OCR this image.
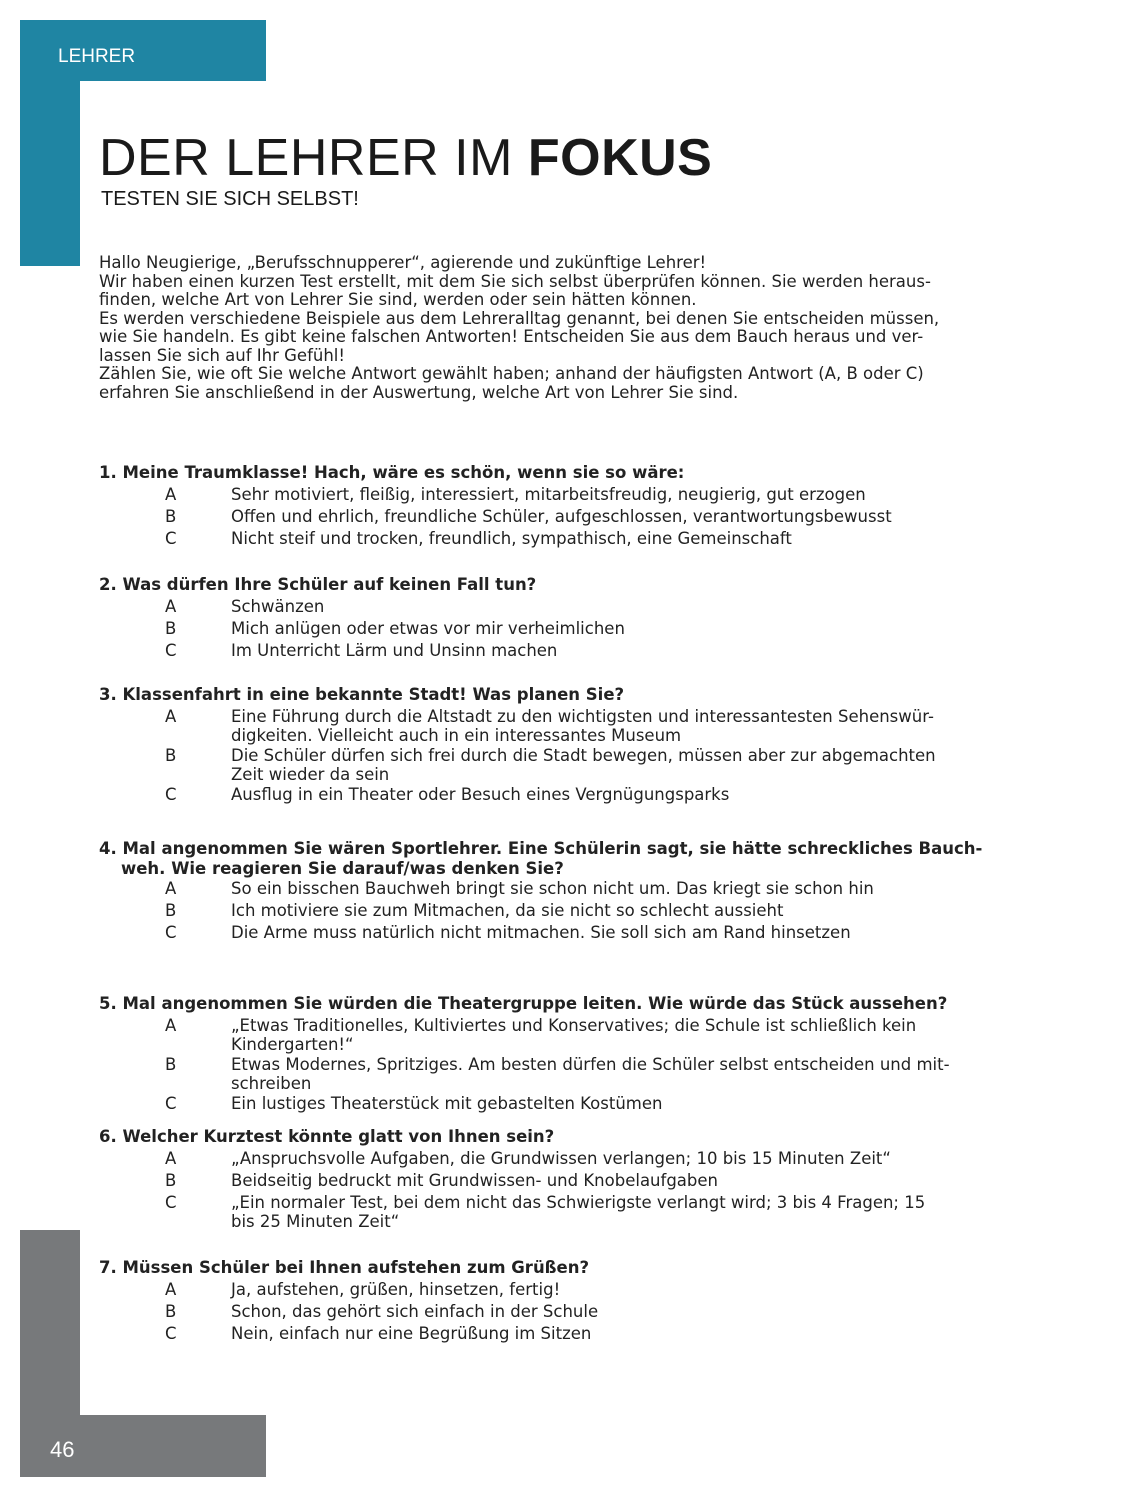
LEHRER
DER LEHRER IM FOKUS
TESTEN SIE SICH SELBST!
Hallo Neugierige, „Berufsschnupperer“, agierende und zukünftige Lehrer!
Wir haben einen kurzen Test erstellt, mit dem Sie sich selbst überprüfen können. Sie werden heraus-
finden, welche Art von Lehrer Sie sind, werden oder sein hätten können.
Es werden verschiedene Beispiele aus dem Lehreralltag genannt, bei denen Sie entscheiden müssen,
wie Sie handeln. Es gibt keine falschen Antworten! Entscheiden Sie aus dem Bauch heraus und ver-
lassen Sie sich auf Ihr Gefühl!
Zählen Sie, wie oft Sie welche Antwort gewählt haben; anhand der häufigsten Antwort (A, B oder C)
erfahren Sie anschließend in der Auswertung, welche Art von Lehrer Sie sind.
1. Meine Traumklasse! Hach, wäre es schön, wenn sie so wäre:
A	Sehr motiviert, fleißig, interessiert, mitarbeitsfreudig, neugierig, gut erzogen
B	Offen und ehrlich, freundliche Schüler, aufgeschlossen, verantwortungsbewusst
C	Nicht steif und trocken, freundlich, sympathisch, eine Gemeinschaft
2. Was dürfen Ihre Schüler auf keinen Fall tun?
A	Schwänzen
B	Mich anlügen oder etwas vor mir verheimlichen
C	Im Unterricht Lärm und Unsinn machen
3. Klassenfahrt in eine bekannte Stadt! Was planen Sie?
A	Eine Führung durch die Altstadt zu den wichtigsten und interessantesten Sehenswür-
digkeiten. Vielleicht auch in ein interessantes Museum
B	Die Schüler dürfen sich frei durch die Stadt bewegen, müssen aber zur abgemachten
Zeit wieder da sein
C	Ausflug in ein Theater oder Besuch eines Vergnügungsparks
4. Mal angenommen Sie wären Sportlehrer. Eine Schülerin sagt, sie hätte schreckliches Bauch-
weh. Wie reagieren Sie darauf/was denken Sie?
A	So ein bisschen Bauchweh bringt sie schon nicht um. Das kriegt sie schon hin
B	Ich motiviere sie zum Mitmachen, da sie nicht so schlecht aussieht
C	Die Arme muss natürlich nicht mitmachen. Sie soll sich am Rand hinsetzen
5. Mal angenommen Sie würden die Theatergruppe leiten. Wie würde das Stück aussehen?
A	„Etwas Traditionelles, Kultiviertes und Konservatives; die Schule ist schließlich kein
Kindergarten!“
B	Etwas Modernes, Spritziges. Am besten dürfen die Schüler selbst entscheiden und mit-
schreiben
C	Ein lustiges Theaterstück mit gebastelten Kostümen
6. Welcher Kurztest könnte glatt von Ihnen sein?
A	„Anspruchsvolle Aufgaben, die Grundwissen verlangen; 10 bis 15 Minuten Zeit“
B	Beidseitig bedruckt mit Grundwissen- und Knobelaufgaben
C	„Ein normaler Test, bei dem nicht das Schwierigste verlangt wird; 3 bis 4 Fragen; 15
bis 25 Minuten Zeit“
7. Müssen Schüler bei Ihnen aufstehen zum Grüßen?
A	Ja, aufstehen, grüßen, hinsetzen, fertig!
B	Schon, das gehört sich einfach in der Schule
C	Nein, einfach nur eine Begrüßung im Sitzen
46
